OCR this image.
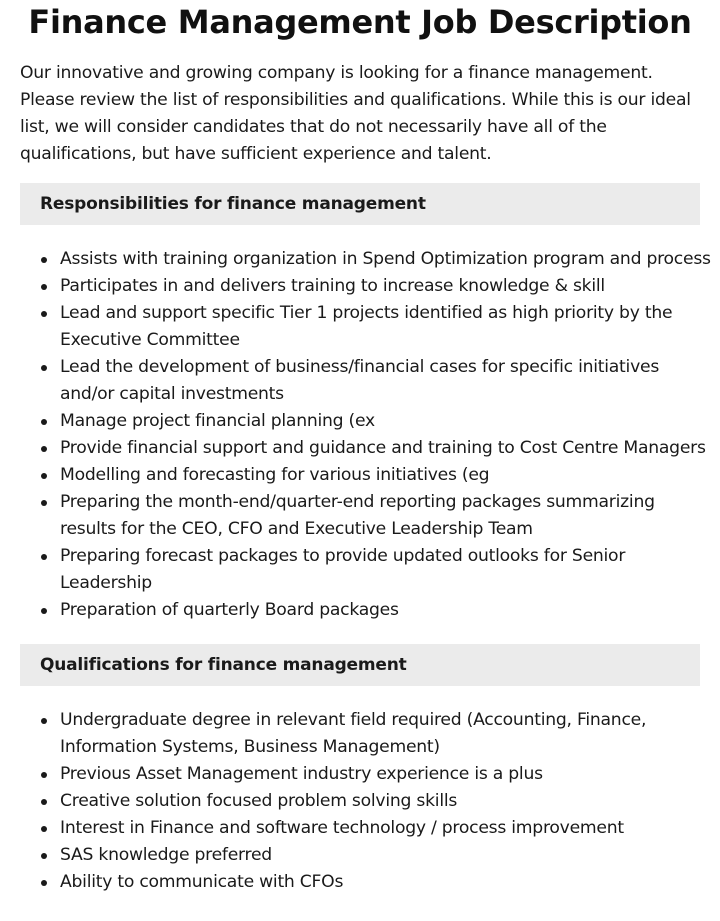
Finance Management Job Description

Our innovative and growing company is looking for a finance management. Please review the list of responsibilities and qualifications. While this is our ideal list, we will consider candidates that do not necessarily have all of the qualifications, but have sufficient experience and talent.

Responsibilities for finance management
Assists with training organization in Spend Optimization program and process
Participates in and delivers training to increase knowledge & skill
Lead and support specific Tier 1 projects identified as high priority by the Executive Committee
Lead the development of business/financial cases for specific initiatives and/or capital investments
Manage project financial planning (ex
Provide financial support and guidance and training to Cost Centre Managers
Modelling and forecasting for various initiatives (eg
Preparing the month-end/quarter-end reporting packages summarizing results for the CEO, CFO and Executive Leadership Team
Preparing forecast packages to provide updated outlooks for Senior Leadership
Preparation of quarterly Board packages
Qualifications for finance management
Undergraduate degree in relevant field required (Accounting, Finance, Information Systems, Business Management)
Previous Asset Management industry experience is a plus
Creative solution focused problem solving skills
Interest in Finance and software technology / process improvement
SAS knowledge preferred
Ability to communicate with CFOs
